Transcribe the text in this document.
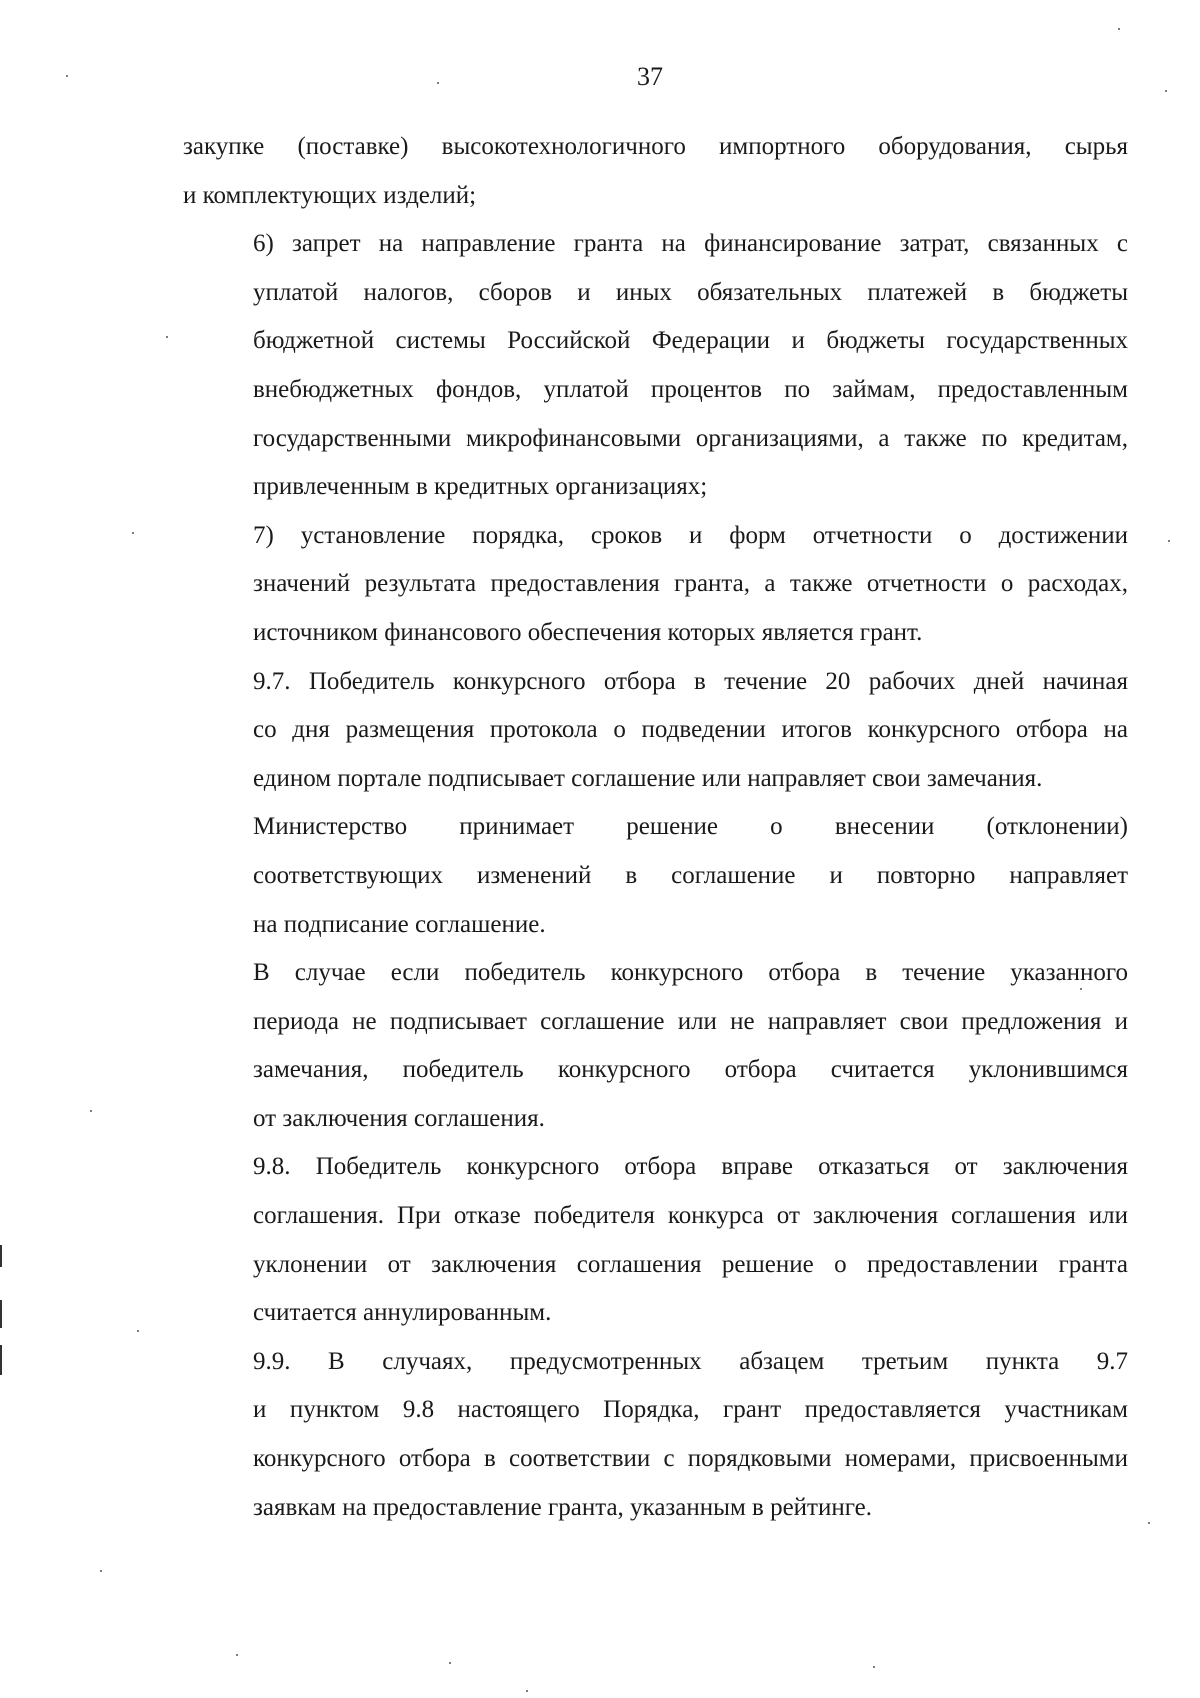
37

закупке (поставке) высокотехнологичного импортного оборудования, сырья
и комплектующих изделий;

6) запрет на направление гранта на финансирование затрат, связанных с
уплатой налогов, сборов и иных обязательных платежей в бюджеты
бюджетной системы Российской Федерации и бюджеты государственных
внебюджетных фондов, уплатой процентов по займам, предоставленным
государственными микрофинансовыми организациями, а также по кредитам,
привлеченным в кредитных организациях;

7) установление порядка, сроков и форм отчетности о достижении
значений результата предоставления гранта, а также отчетности о расходах,
источником финансового обеспечения которых является грант.

9.7. Победитель конкурсного отбора в течение 20 рабочих дней начиная
со дня размещения протокола о подведении итогов конкурсного отбора на
едином портале подписывает соглашение или направляет свои замечания.

Министерство принимает решение о внесении (отклонении)
соответствующих изменений в соглашение и повторно направляет
на подписание соглашение.

В случае если победитель конкурсного отбора в течение указанного
периода не подписывает соглашение или не направляет свои предложения и
замечания, победитель конкурсного отбора считается уклонившимся
от заключения соглашения.

9.8. Победитель конкурсного отбора вправе отказаться от заключения
соглашения. При отказе победителя конкурса от заключения соглашения или
уклонении от заключения соглашения решение о предоставлении гранта
считается аннулированным.

9.9. В случаях, предусмотренных абзацем третьим пункта 9.7
и пунктом 9.8 настоящего Порядка, грант предоставляется участникам
конкурсного отбора в соответствии с порядковыми номерами, присвоенными
заявкам на предоставление гранта, указанным в рейтинге.
